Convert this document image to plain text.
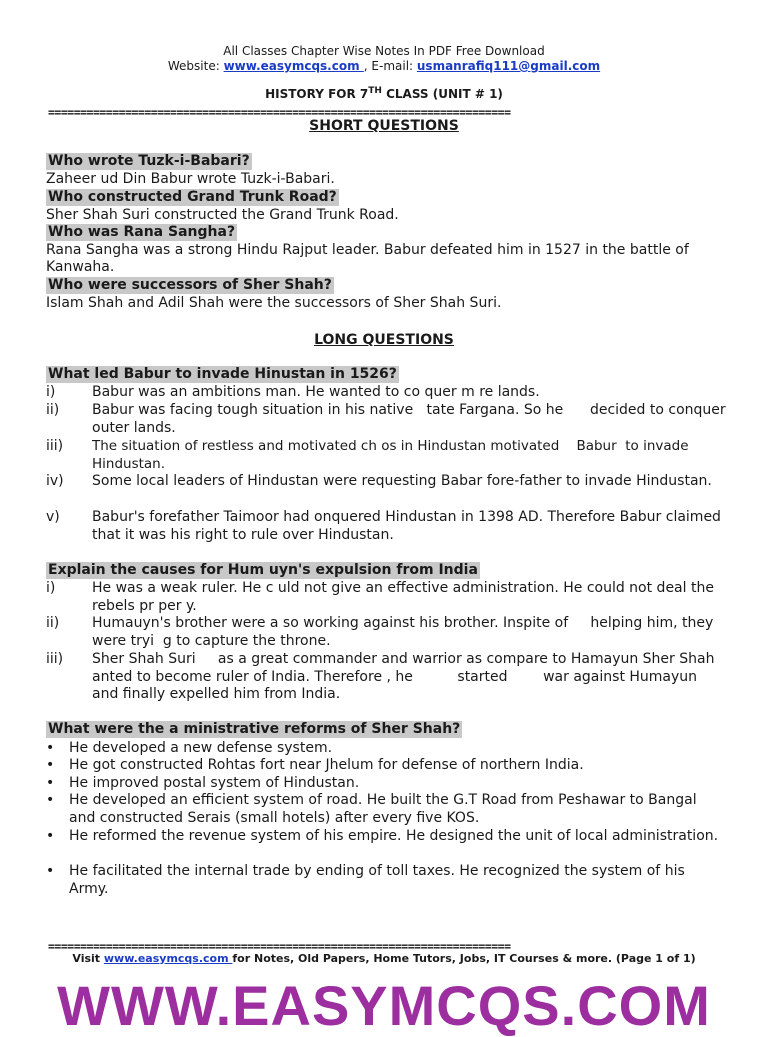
All Classes Chapter Wise Notes In PDF Free Download
Website: www.easymcqs.com , E-mail: usmanrafiq111@gmail.com
HISTORY FOR 7TH CLASS (UNIT # 1)
========================================================================
SHORT QUESTIONS
Who wrote Tuzk-i-Babari?
Zaheer ud Din Babur wrote Tuzk-i-Babari.
Who constructed Grand Trunk Road?
Sher Shah Suri constructed the Grand Trunk Road.
Who was Rana Sangha?
Rana Sangha was a strong Hindu Rajput leader. Babur defeated him in 1527 in the battle of Kanwaha.
Who were successors of Sher Shah?
Islam Shah and Adil Shah were the successors of Sher Shah Suri.
LONG QUESTIONS
What led Babur to invade Hinustan in 1526?
i)	Babur was an ambitions man. He wanted to co quer m re lands.
ii)	Babur was facing tough situation in his native   tate Fargana. So he      decided to conquer outer lands.
iii)	The situation of restless and motivated ch os in Hindustan motivated    Babur  to invade Hindustan.
iv)	Some local leaders of Hindustan were requesting Babar fore-father to invade Hindustan.
v)	Babur's forefather Taimoor had onquered Hindustan in 1398 AD. Therefore Babur claimed that it was his right to rule over Hindustan.
Explain the causes for Hum uyn's expulsion from India
i)	He was a weak ruler. He c uld not give an effective administration. He could not deal the rebels pr per y.
ii)	Humauyn's brother were a so working against his brother. Inspite of     helping him, they were tryi  g to capture the throne.
iii)	Sher Shah Suri     as a great commander and warrior as compare to Hamayun Sher Shah   anted to become ruler of India. Therefore , he          started        war against Humayun and finally expelled him from India.
What were the a ministrative reforms of Sher Shah?
• He developed a new defense system.
• He got constructed Rohtas fort near Jhelum for defense of northern India.
• He improved postal system of Hindustan.
• He developed an efficient system of road. He built the G.T Road from Peshawar to Bangal and constructed Serais (small hotels) after every five KOS.
• He reformed the revenue system of his empire. He designed the unit of local administration.
• He facilitated the internal trade by ending of toll taxes. He recognized the system of his Army.
========================================================================
Visit www.easymcqs.com for Notes, Old Papers, Home Tutors, Jobs, IT Courses & more. (Page 1 of 1)
WWW.EASYMCQS.COM
